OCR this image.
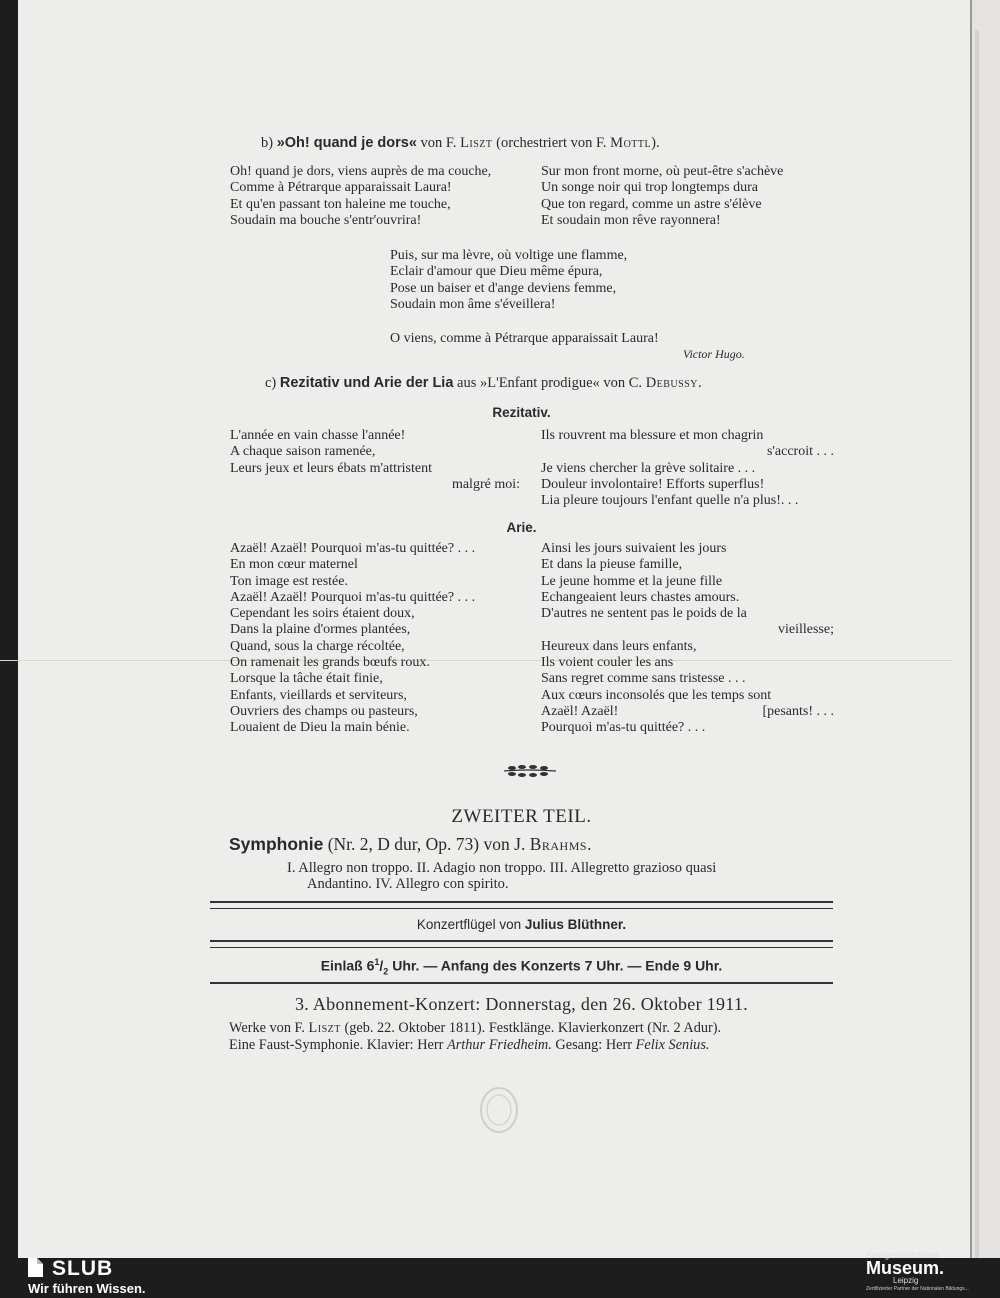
b) »Oh! quand je dors« von F. Liszt (orchestriert von F. Mottl).
Oh! quand je dors, viens auprès de ma couche,
Comme à Pétrarque apparaissait Laura!
Et qu'en passant ton haleine me touche,
Soudain ma bouche s'entr'ouvrira!
Sur mon front morne, où peut-être s'achève
Un songe noir qui trop longtemps dura
Que ton regard, comme un astre s'élève
Et soudain mon rêve rayonnera!
Puis, sur ma lèvre, où voltige une flamme,
Eclair d'amour que Dieu même épura,
Pose un baiser et d'ange deviens femme,
Soudain mon âme s'éveillera!
O viens, comme à Pétrarque apparaissait Laura!
Victor Hugo.
c) Rezitativ und Arie der Lia aus »L'Enfant prodigue« von C. Debussy.
Rezitativ.
L'année en vain chasse l'année!
A chaque saison ramenée,
Leurs jeux et leurs ébats m'attristent
malgré moi:
Ils rouvrent ma blessure et mon chagrin
s'accroit . . .
Je viens chercher la grève solitaire . . .
Douleur involontaire! Efforts superflus!
Lia pleure toujours l'enfant quelle n'a plus!. . .
Arie.
Azaël! Azaël! Pourquoi m'as-tu quittée? . . .
En mon cœur maternel
Ton image est restée.
Azaël! Azaël! Pourquoi m'as-tu quittée? . . .
Cependant les soirs étaient doux,
Dans la plaine d'ormes plantées,
Quand, sous la charge récoltée,
On ramenait les grands bœufs roux.
Lorsque la tâche était finie,
Enfants, vieillards et serviteurs,
Ouvriers des champs ou pasteurs,
Louaient de Dieu la main bénie.
Ainsi les jours suivaient les jours
Et dans la pieuse famille,
Le jeune homme et la jeune fille
Echangeaient leurs chastes amours.
D'autres ne sentent pas le poids de la
vieillesse;
Heureux dans leurs enfants,
Ils voient couler les ans
Sans regret comme sans tristesse . . .
Aux cœurs inconsolés que les temps sont
Azaël! Azaël!	[pesants! . . .
Pourquoi m'as-tu quittée? . . .
ZWEITER TEIL.
Symphonie (Nr. 2, D dur, Op. 73) von J. Brahms.
I. Allegro non troppo. II. Adagio non troppo. III. Allegretto grazioso quasi
Andantino. IV. Allegro con spirito.
Konzertflügel von Julius Blüthner.
Einlaß $6^1/_2$ Uhr. — Anfang des Konzerts 7 Uhr. — Ende 9 Uhr.
3. Abonnement-Konzert: Donnerstag, den 26. Oktober 1911.
Werke von F. Liszt (geb. 22. Oktober 1811). Festklänge. Klavierkonzert (Nr. 2 Adur).
Eine Faust-Symphonie. Klavier: Herr Arthur Friedheim. Gesang: Herr Felix Senius.
SLUB
Wir führen Wissen.
Stadtgeschichtliches
Museum.
Leipzig
Zertifizierter Partner der Nationalen Bildungs...
